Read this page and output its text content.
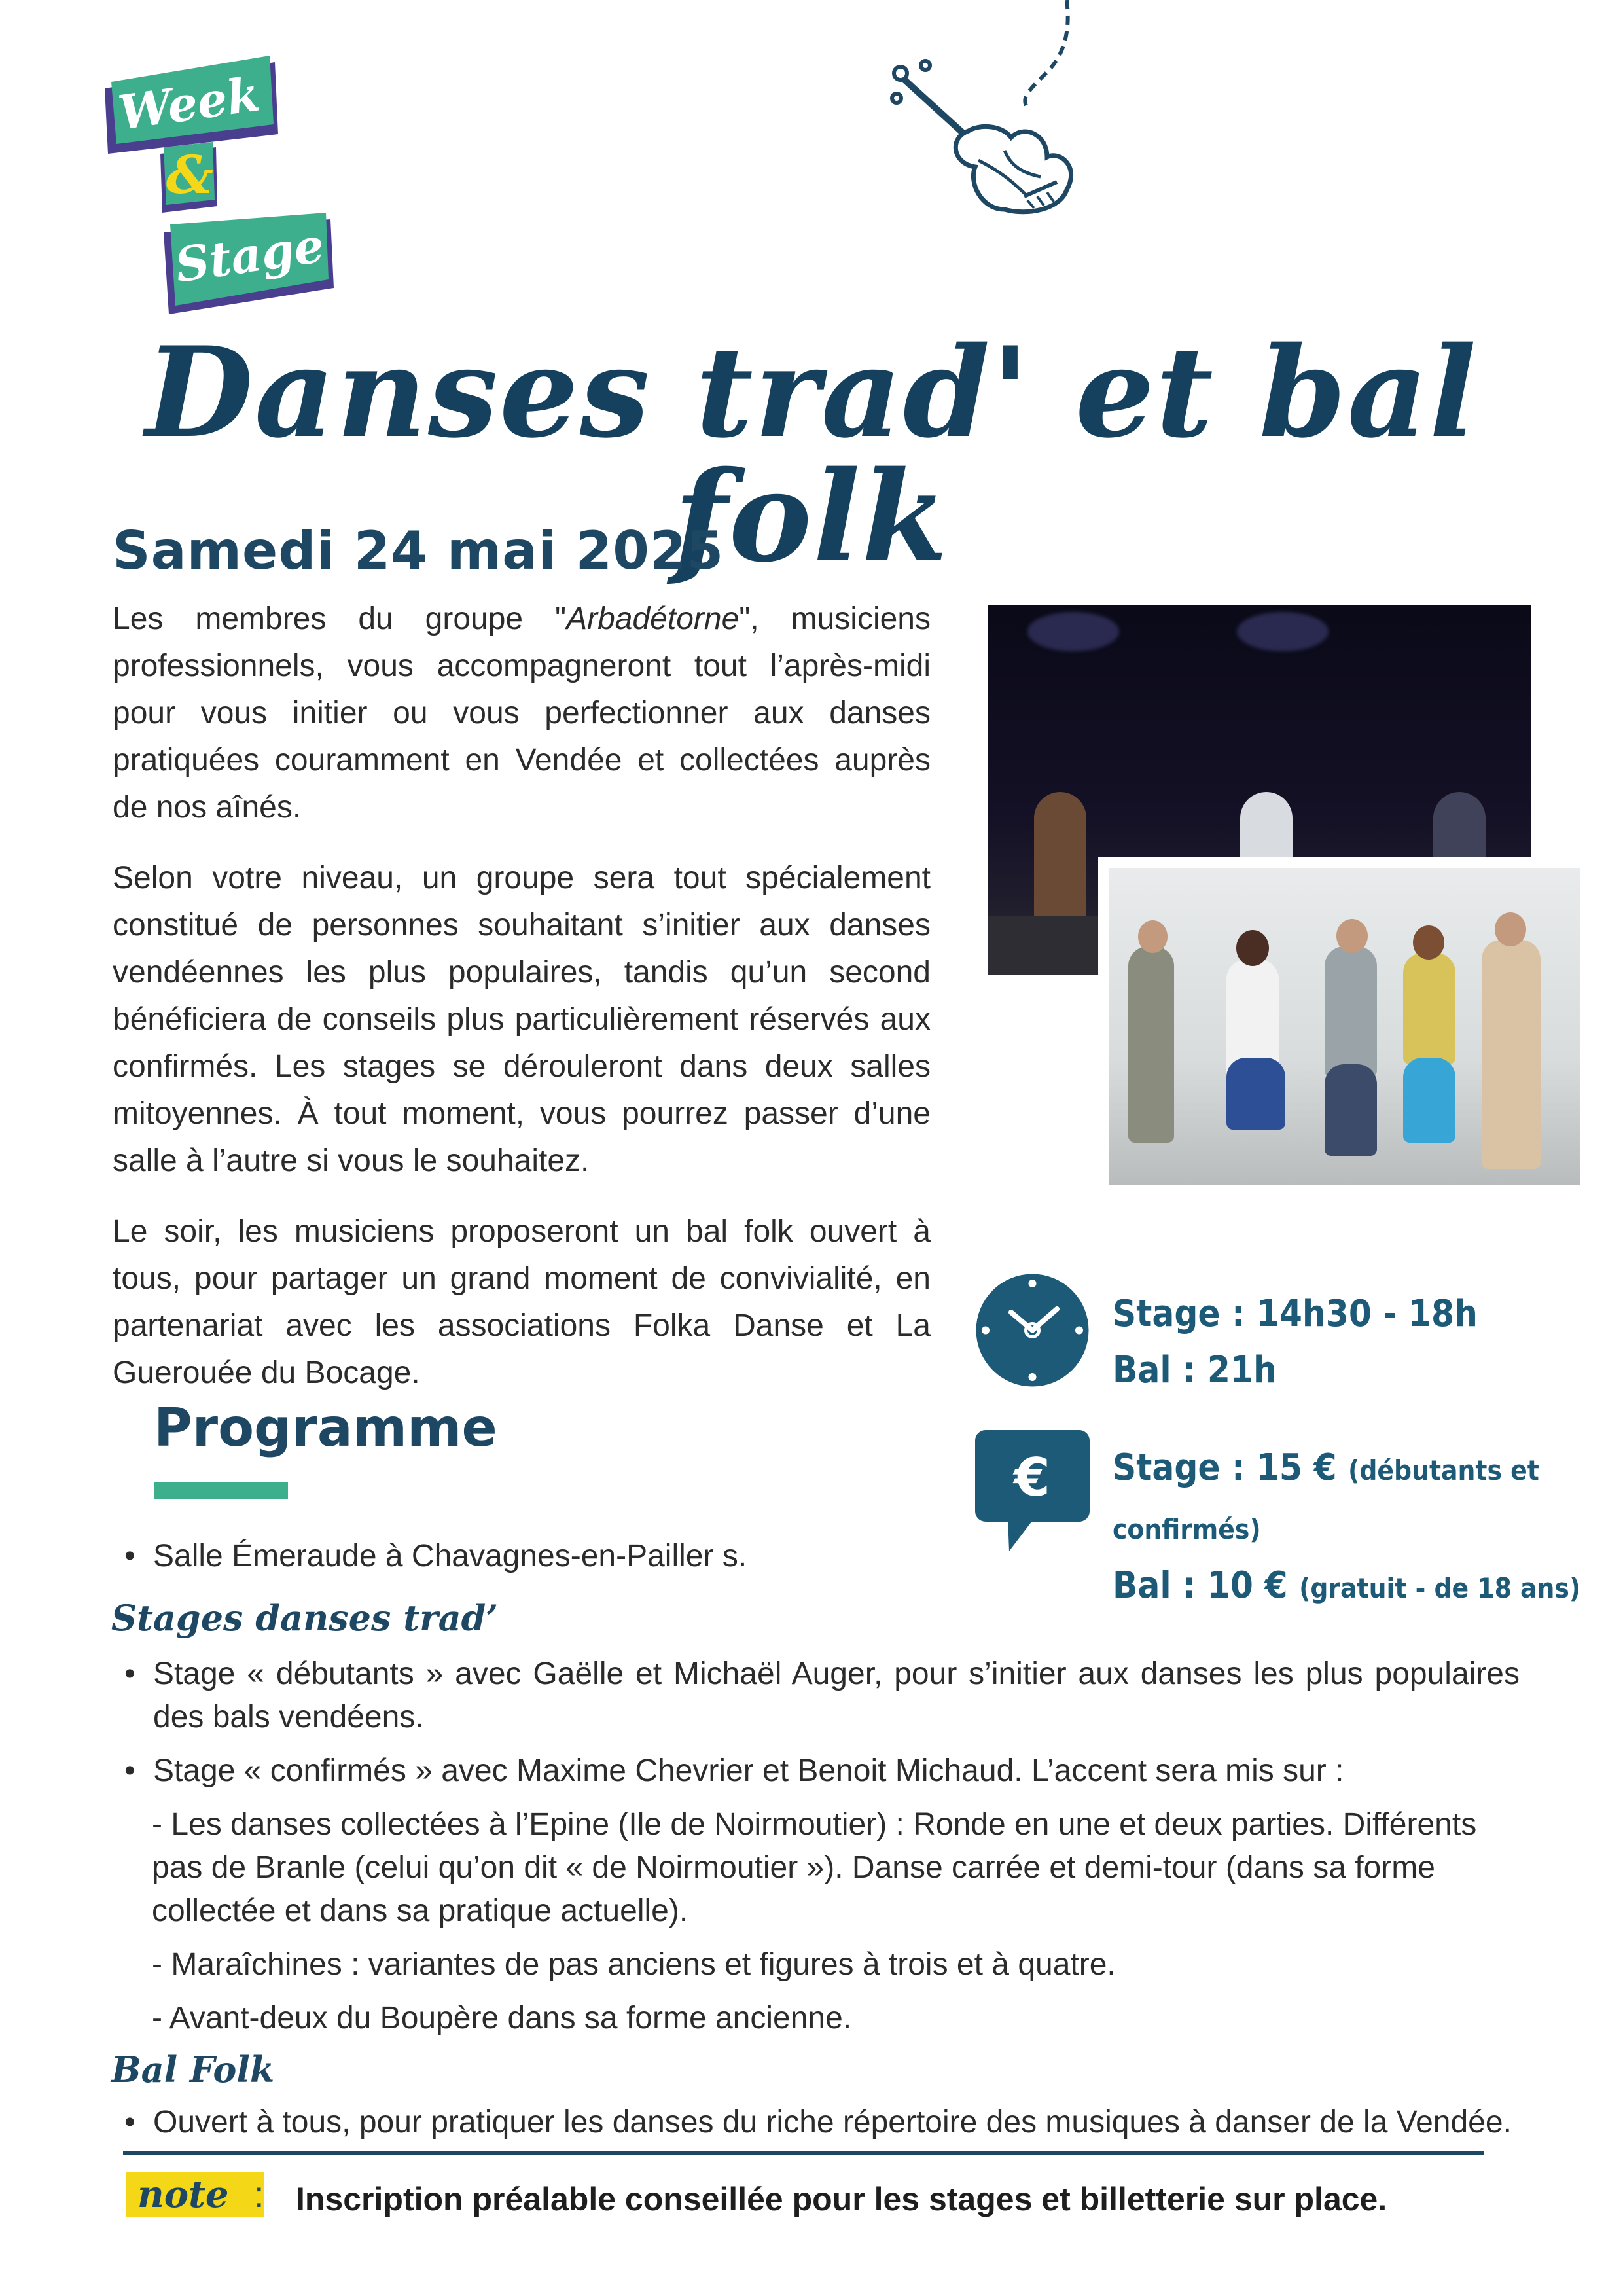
Week
&
Stage
Danses trad' et bal folk
Samedi 24 mai 2025

Les membres du groupe "Arbadétorne", musiciens professionnels, vous accompagneront tout l’après-midi pour vous initier ou vous perfectionner aux danses pratiquées couramment en Vendée et collectées auprès de nos aînés.

Selon votre niveau, un groupe sera tout spécialement constitué de personnes souhaitant s’initier aux danses vendéennes les plus populaires, tandis qu’un second bénéficiera de conseils plus particulièrement réservés aux confirmés. Les stages se dérouleront dans deux salles mitoyennes. À tout moment, vous pourrez passer d’une salle à l’autre si vous le souhaitez.

Le soir, les musiciens proposeront un bal folk ouvert à tous, pour partager un grand moment de convivialité, en partenariat avec les associations Folka Danse et La Guerouée du Bocage.

Stage : 14h30 - 18h
Bal : 21h
€ Stage : 15 € (débutants et confirmés)
Bal : 10 € (gratuit - de 18 ans)
Programme
• Salle Émeraude à Chavagnes-en-Pailler s.
Stages danses trad’
• Stage « débutants » avec Gaëlle et Michaël Auger, pour s’initier aux danses les plus populaires des bals vendéens.
• Stage « confirmés » avec Maxime Chevrier et Benoit Michaud. L’accent sera mis sur :
- Les danses collectées à l’Epine (Ile de Noirmoutier) : Ronde en une et deux parties. Différents pas de Branle (celui qu’on dit « de Noirmoutier »). Danse carrée et demi-tour (dans sa forme collectée et dans sa pratique actuelle).
- Maraîchines : variantes de pas anciens et figures à trois et à quatre.
- Avant-deux du Boupère dans sa forme ancienne.
Bal Folk
• Ouvert à tous, pour pratiquer les danses du riche répertoire des musiques à danser de la Vendée.
note : Inscription préalable conseillée pour les stages et billetterie sur place.
